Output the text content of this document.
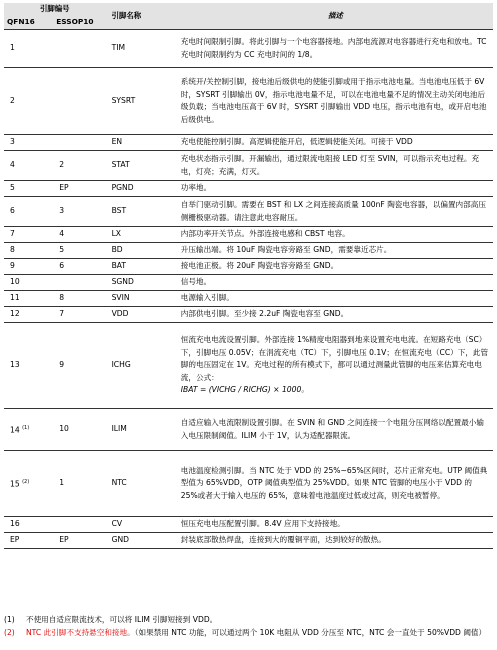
引脚编号		引脚名称	描述
QFN16	ESSOP10		
1		TIM	充电时间限制引脚。将此引脚与一个电容器接地。内部电流源对电容器进行充电和放电。TC 充电时间限制约为 CC 充电时间的 1/8。
2		SYSRT	系统开/关控制引脚，接电池后级供电的使能引脚或用于指示电池电量。当电池电压低于 6V 时，SYSRT 引脚输出 0V，指示电池电量不足，可以在电池电量不足的情况主动关闭电池后级负载；当电池电压高于 6V 时，SYSRT 引脚输出 VDD 电压，指示电池有电，或开启电池后级供电。
3		EN	充电使能控制引脚。高逻辑使能开启，低逻辑使能关闭。可接于 VDD
4	2	STAT	充电状态指示引脚。开漏输出，通过限流电阻接 LED 灯至 SVIN，可以指示充电过程。充电，灯亮；充满，灯灭。
5	EP	PGND	功率地。
6	3	BST	自举门驱动引脚。需要在 BST 和 LX 之间连接高质量 100nF 陶瓷电容器，以偏置内部高压侧栅极驱动器。请注意此电容耐压。
7	4	LX	内部功率开关节点。外部连接电感和 CBST 电容。
8	5	BD	升压输出端。将 10uF 陶瓷电容旁路至 GND，需要靠近芯片。
9	6	BAT	接电池正极。将 20uF 陶瓷电容旁路至 GND。
10		SGND	信号地。
11	8	SVIN	电源输入引脚。
12	7	VDD	内部供电引脚。至少接 2.2uF 陶瓷电容至 GND。
13	9	ICHG	恒流充电电流设置引脚。外部连接 1%精度电阻器到地来设置充电电流。在短路充电（SC）下，引脚电压 0.05V；在涓流充电（TC）下，引脚电压 0.1V；在恒流充电（CC）下，此管脚的电压固定在 1V。充电过程的所有模式下，都可以通过测量此管脚的电压来估算充电电流，公式：
IBAT = (VICHG / RICHG) × 1000。

14 $^{(1)}$	10	ILIM	自适应输入电流限制设置引脚。在 SVIN 和 GND 之间连接一个电阻分压网络以配置最小输入电压限制阈值。ILIM 小于 1V，认为适配器限流。
15 $^{(2)}$	1	NTC	电池温度检测引脚。当 NTC 处于 VDD 的 25%~65%区间时，芯片正常充电。UTP 阈值典型值为 65%VDD，OTP 阈值典型值为 25%VDD。如果 NTC 管脚的电压小于 VDD 的 25%或者大于输入电压的 65%，意味着电池温度过低或过高，则充电被暂停。
16		CV	恒压充电电压配置引脚。8.4V 应用下支持接地。
EP	EP	GND	封装底部散热焊盘，连接到大的覆铜平面，达到较好的散热。
(1)	不使用自适应限流技术，可以将 ILIM 引脚短接到 VDD。
(2)	NTC 此引脚不支持悬空和接地。（如果禁用 NTC 功能，可以通过两个 10K 电阻从 VDD 分压至 NTC，NTC 会一直处于 50%VDD 阈值）
